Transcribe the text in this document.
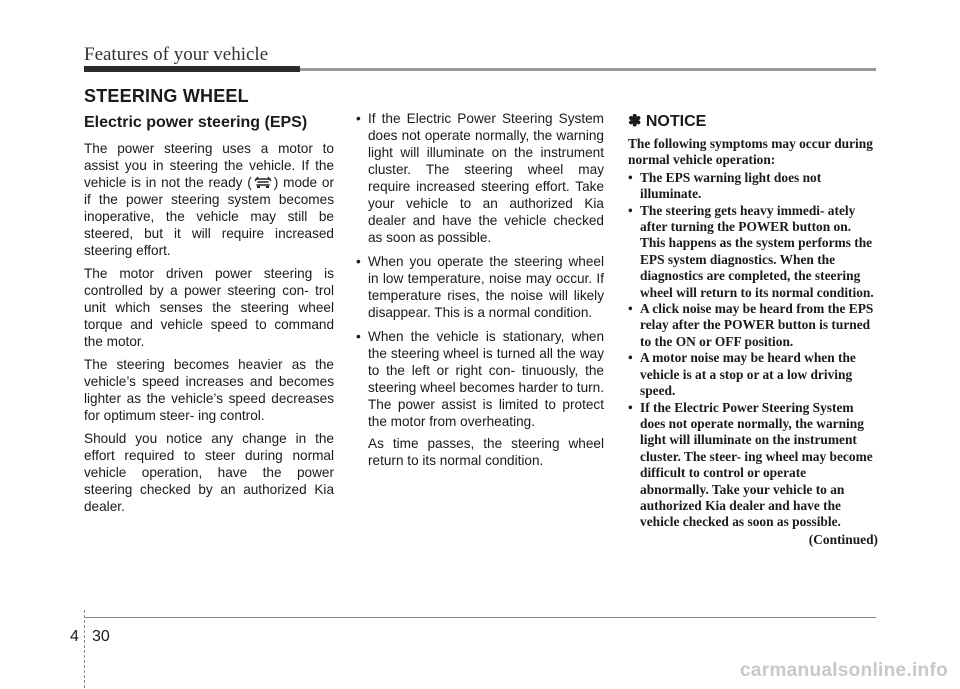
Features of your vehicle
STEERING WHEEL
Electric power steering (EPS)

The power steering uses a motor to assist you in steering the vehicle. If the vehicle is in not the ready ( ) mode or if the power steering system becomes inoperative, the vehicle may still be steered, but it will require increased steering effort.

The motor driven power steering is controlled by a power steering con- trol unit which senses the steering wheel torque and vehicle speed to command the motor.

The steering becomes heavier as the vehicle’s speed increases and becomes lighter as the vehicle’s speed decreases for optimum steer- ing control.

Should you notice any change in the effort required to steer during normal vehicle operation, have the power steering checked by an authorized Kia dealer.

• If the Electric Power Steering System does not operate normally, the warning light will illuminate on the instrument cluster. The steering wheel may require increased steering effort. Take your vehicle to an authorized Kia dealer and have the vehicle checked as soon as possible.
• When you operate the steering wheel in low temperature, noise may occur. If temperature rises, the noise will likely disappear. This is a normal condition.
• When the vehicle is stationary, when the steering wheel is turned all the way to the left or right con- tinuously, the steering wheel becomes harder to turn. The power assist is limited to protect the motor from overheating.

As time passes, the steering wheel return to its normal condition.

✽ NOTICE

The following symptoms may occur during normal vehicle operation:

• The EPS warning light does not illuminate.
• The steering gets heavy immedi- ately after turning the POWER button on. This happens as the system performs the EPS system diagnostics. When the diagnostics are completed, the steering wheel will return to its normal condition.
• A click noise may be heard from the EPS relay after the POWER button is turned to the ON or OFF position.
• A motor noise may be heard when the vehicle is at a stop or at a low driving speed.
• If the Electric Power Steering System does not operate normally, the warning light will illuminate on the instrument cluster. The steer- ing wheel may become difficult to control or operate abnormally. Take your vehicle to an authorized Kia dealer and have the vehicle checked as soon as possible.
(Continued)
4 30
carmanualsonline.info
